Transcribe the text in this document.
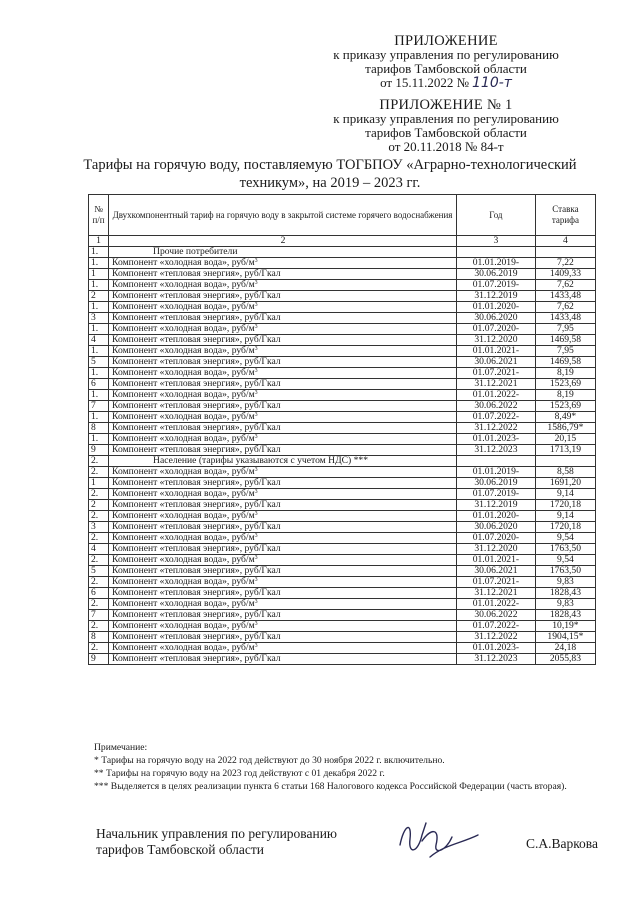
ПРИЛОЖЕНИЕ
к приказу управления по регулированию
тарифов Тамбовской области
от 15.11.2022 № 110-т
ПРИЛОЖЕНИЕ № 1
к приказу управления по регулированию
тарифов Тамбовской области
от 20.11.2018 № 84-т
Тарифы на горячую воду, поставляемую ТОГБПОУ «Аграрно-технологический техникум», на 2019 – 2023 гг.
№ п/п	Двухкомпонентный тариф на горячую воду в закрытой системе горячего водоснабжения	Год	Ставка тарифа
1	2	3	4
1.	Прочие потребители		
1.	Компонент «холодная вода», руб/$м^3$	01.01.2019-	7,22
1	Компонент «тепловая энергия», руб/Гкал	30.06.2019	1409,33
1.	Компонент «холодная вода», руб/$м^3$	01.07.2019-	7,62
2	Компонент «тепловая энергия», руб/Гкал	31.12.2019	1433,48
1.	Компонент «холодная вода», руб/$м^3$	01.01.2020-	7,62
3	Компонент «тепловая энергия», руб/Гкал	30.06.2020	1433,48
1.	Компонент «холодная вода», руб/$м^3$	01.07.2020-	7,95
4	Компонент «тепловая энергия», руб/Гкал	31.12.2020	1469,58
1.	Компонент «холодная вода», руб/$м^3$	01.01.2021-	7,95
5	Компонент «тепловая энергия», руб/Гкал	30.06.2021	1469,58
1.	Компонент «холодная вода», руб/$м^3$	01.07.2021-	8,19
6	Компонент «тепловая энергия», руб/Гкал	31.12.2021	1523,69
1.	Компонент «холодная вода», руб/$м^3$	01.01.2022-	8,19
7	Компонент «тепловая энергия», руб/Гкал	30.06.2022	1523,69
1.	Компонент «холодная вода», руб/$м^3$	01.07.2022-	8,49*
8	Компонент «тепловая энергия», руб/Гкал	31.12.2022	1586,79*
1.	Компонент «холодная вода», руб/$м^3$	01.01.2023-	20,15
9	Компонент «тепловая энергия», руб/Гкал	31.12.2023	1713,19
2.	Население (тарифы указываются с учетом НДС) ***		
2.	Компонент «холодная вода», руб/$м^3$	01.01.2019-	8,58
1	Компонент «тепловая энергия», руб/Гкал	30.06.2019	1691,20
2.	Компонент «холодная вода», руб/$м^3$	01.07.2019-	9,14
2	Компонент «тепловая энергия», руб/Гкал	31.12.2019	1720,18
2.	Компонент «холодная вода», руб/$м^3$	01.01.2020-	9,14
3	Компонент «тепловая энергия», руб/Гкал	30.06.2020	1720,18
2.	Компонент «холодная вода», руб/$м^3$	01.07.2020-	9,54
4	Компонент «тепловая энергия», руб/Гкал	31.12.2020	1763,50
2.	Компонент «холодная вода», руб/$м^3$	01.01.2021-	9,54
5	Компонент «тепловая энергия», руб/Гкал	30.06.2021	1763,50
2.	Компонент «холодная вода», руб/$м^3$	01.07.2021-	9,83
6	Компонент «тепловая энергия», руб/Гкал	31.12.2021	1828,43
2.	Компонент «холодная вода», руб/$м^3$	01.01.2022-	9,83
7	Компонент «тепловая энергия», руб/Гкал	30.06.2022	1828,43
2.	Компонент «холодная вода», руб/$м^3$	01.07.2022-	10,19*
8	Компонент «тепловая энергия», руб/Гкал	31.12.2022	1904,15*
2.	Компонент «холодная вода», руб/$м^3$	01.01.2023-	24,18
9	Компонент «тепловая энергия», руб/Гкал	31.12.2023	2055,83
Примечание:
* Тарифы на горячую воду на 2022 год действуют до 30 ноября 2022 г. включительно.
** Тарифы на горячую воду на 2023 год действуют с 01 декабря 2022 г.
*** Выделяется в целях реализации пункта 6 статьи 168 Налогового кодекса Российской Федерации (часть вторая).
Начальник управления по регулированию
тарифов Тамбовской области	С.А.Варкова
